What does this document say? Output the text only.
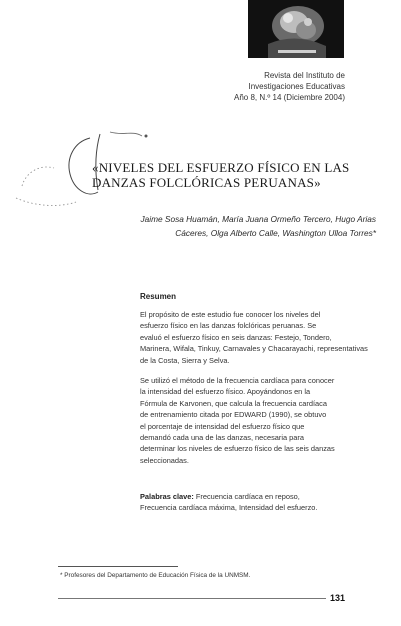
Revista del Instituto de
Investigaciones Educativas
Año 8, N.º 14 (Diciembre 2004)
«NIVELES DEL ESFUERZO FÍSICO EN LAS
DANZAS FOLCLÓRICAS PERUANAS»
Jaime Sosa Huamán, María Juana Ormeño Tercero, Hugo Arias
Cáceres, Olga Alberto Calle, Washington Ulloa Torres*
Resumen
El propósito de este estudio fue conocer los niveles del
esfuerzo físico en las danzas folclóricas peruanas. Se
evaluó el esfuerzo físico en seis danzas: Festejo, Tondero,
Marinera, Wifala, Tinkuy, Carnavales y Chacarayachi, representativas
de la Costa, Sierra y Selva.
Se utilizó el método de la frecuencia cardíaca para conocer
la intensidad del esfuerzo físico. Apoyándonos en la
Fórmula de Karvonen, que calcula la frecuencia cardíaca
de entrenamiento citada por EDWARD (1990), se obtuvo
el porcentaje de intensidad del esfuerzo físico que
demandó cada una de las danzas, necesaria para
determinar los niveles de esfuerzo físico de las seis danzas
seleccionadas.
Palabras clave: Frecuencia cardíaca en reposo,
Frecuencia cardíaca máxima, Intensidad del esfuerzo.
* Profesores del Departamento de Educación Física de la UNMSM.
131
